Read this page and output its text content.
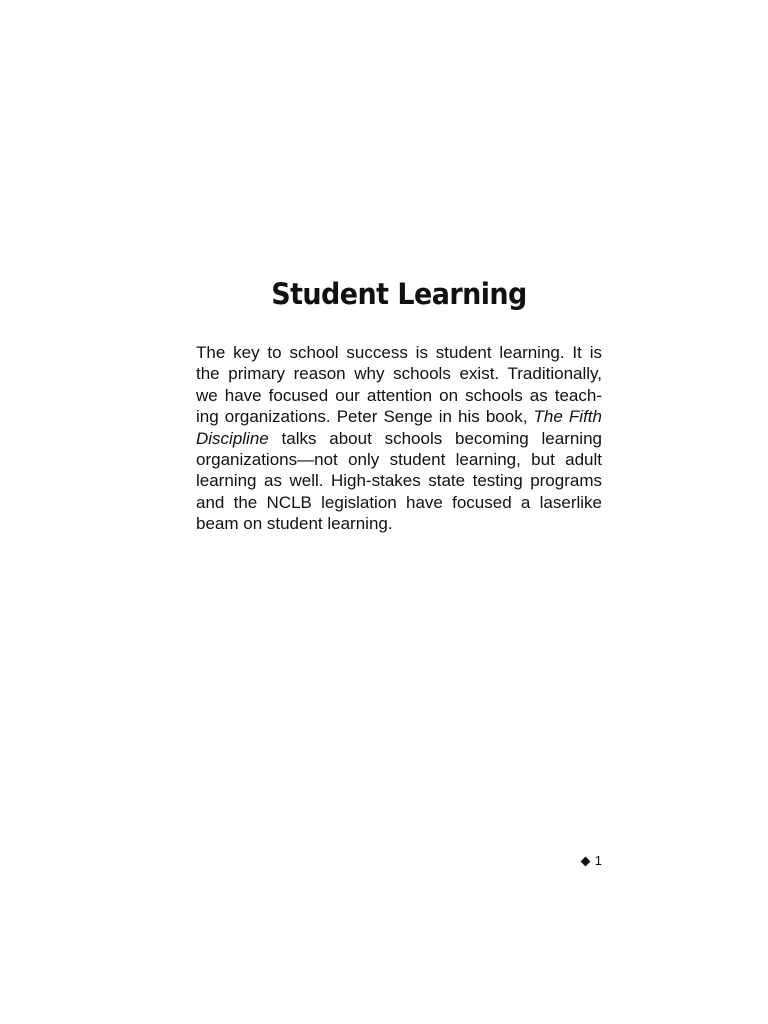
Student Learning
The key to school success is student learning. It is
the primary reason why schools exist. Traditionally,
we have focused our attention on schools as teach-
ing organizations. Peter Senge in his book, The Fifth
Discipline talks about schools becoming learning
organizations—not only student learning, but adult
learning as well. High-stakes state testing programs
and the NCLB legislation have focused a laserlike
beam on student learning.
1
